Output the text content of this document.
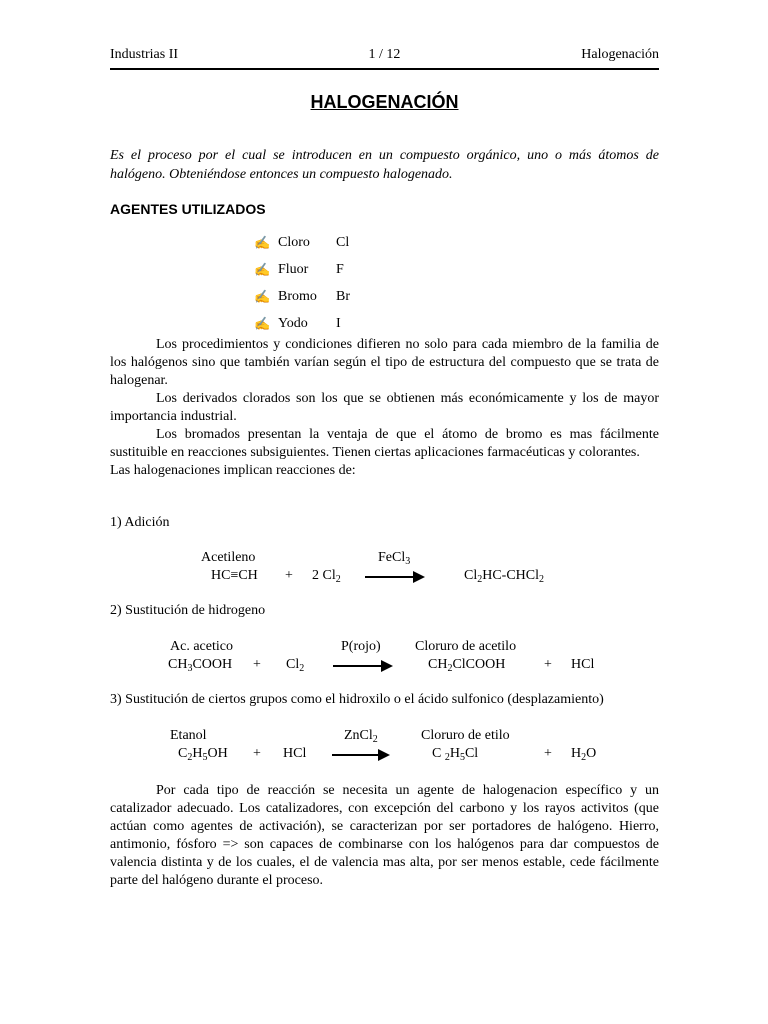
Industrias II	1 / 12	Halogenación
HALOGENACIÓN

Es el proceso por el cual se introducen en un compuesto orgánico, uno o más átomos de halógeno. Obteniéndose entonces un compuesto halogenado.

AGENTES UTILIZADOS
✍ Cloro	Cl
✍ Fluor	F
✍ Bromo	Br
✍ Yodo	I

Los procedimientos y condiciones difieren no solo para cada miembro de la familia de los halógenos sino que también varían según el tipo de estructura del compuesto que se trata de halogenar.

Los derivados clorados son los que se obtienen más económicamente y los de mayor importancia industrial.

Los bromados presentan la ventaja de que el átomo de bromo es mas fácilmente sustituible en reacciones subsiguientes. Tienen ciertas aplicaciones farmacéuticas y colorantes.

Las halogenaciones implican reacciones de:

1) Adición
Acetileno	FeCl$_3$
HC≡CH + 2 $Cl_2$	$Cl_2HC-CHCl_2$
2) Sustitución de hidrogeno
Ac. acetico	P(rojo) Cloruro de acetilo
$CH_3COOH + Cl_2$	$CH_2ClCOOH$	+ HCl
3) Sustitución de ciertos grupos como el hidroxilo o el ácido sulfonico (desplazamiento)
Etanol	ZnCl$_2$	Cloruro de etilo
$C_2H_5OH$ + HCl	C $_2H_5Cl$	+ $H_2O$

Por cada tipo de reacción se necesita un agente de halogenacion específico y un catalizador adecuado. Los catalizadores, con excepción del carbono y los rayos activitos (que actúan como agentes de activación), se caracterizan por ser portadores de halógeno. Hierro, antimonio, fósforo => son capaces de combinarse con los halógenos para dar compuestos de valencia distinta y de los cuales, el de valencia mas alta, por ser menos estable, cede fácilmente parte del halógeno durante el proceso.
